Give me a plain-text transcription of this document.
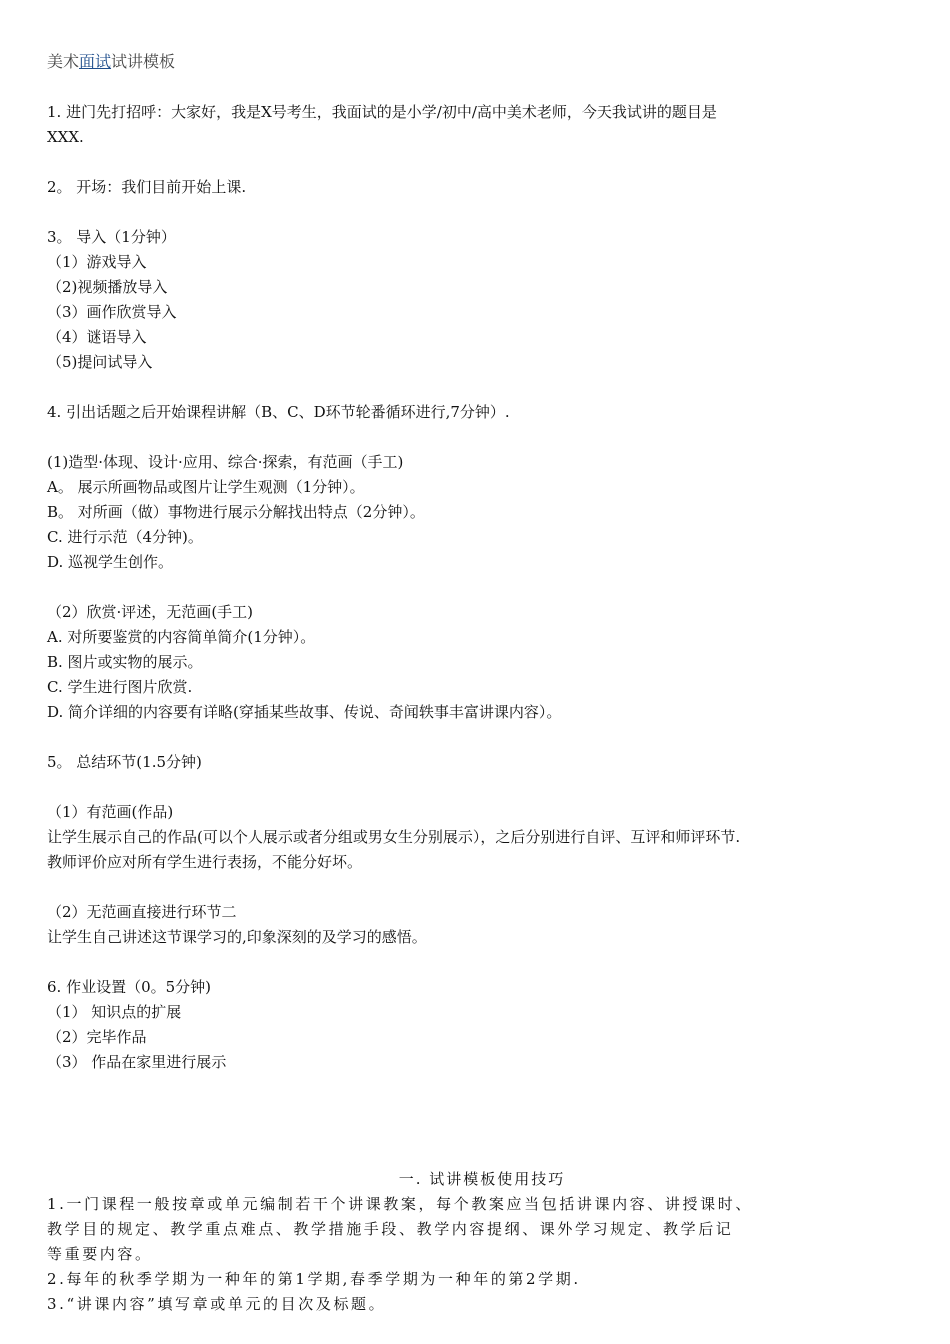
美术面试试讲模板

1. 进门先打招呼：大家好，我是X号考生，我面试的是小学/初中/高中美术老师，今天我试讲的题目是

XXX.

2。 开场：我们目前开始上课.

3。 导入（1分钟）

（1）游戏导入

（2)视频播放导入

（3）画作欣赏导入

（4）谜语导入

（5)提问试导入

4. 引出话题之后开始课程讲解（B、C、D环节轮番循环进行,7分钟）.

(1)造型·体现、设计·应用、综合·探索，有范画（手工)

A。 展示所画物品或图片让学生观测（1分钟）。

B。 对所画（做）事物进行展示分解找出特点（2分钟）。

C. 进行示范（4分钟)。

D. 巡视学生创作。

（2）欣赏·评述，无范画(手工)

A. 对所要鉴赏的内容简单简介(1分钟）。

B. 图片或实物的展示。

C. 学生进行图片欣赏.

D. 简介详细的内容要有详略(穿插某些故事、传说、奇闻轶事丰富讲课内容）。

5。 总结环节(1.5分钟)

（1）有范画(作品)

让学生展示自己的作品(可以个人展示或者分组或男女生分别展示），之后分别进行自评、互评和师评环节.

教师评价应对所有学生进行表扬，不能分好坏。

（2）无范画直接进行环节二

让学生自己讲述这节课学习的,印象深刻的及学习的感悟。

6. 作业设置（0。5分钟)

（1） 知识点的扩展

（2）完毕作品

（3） 作品在家里进行展示

一. 试讲模板使用技巧

1.一门课程一般按章或单元编制若干个讲课教案，每个教案应当包括讲课内容、讲授课时、

教学目的规定、教学重点难点、教学措施手段、教学内容提纲、课外学习规定、教学后记

等重要内容。

2.每年的秋季学期为一种年的第1学期,春季学期为一种年的第2学期.

3.“讲课内容”填写章或单元的目次及标题。
